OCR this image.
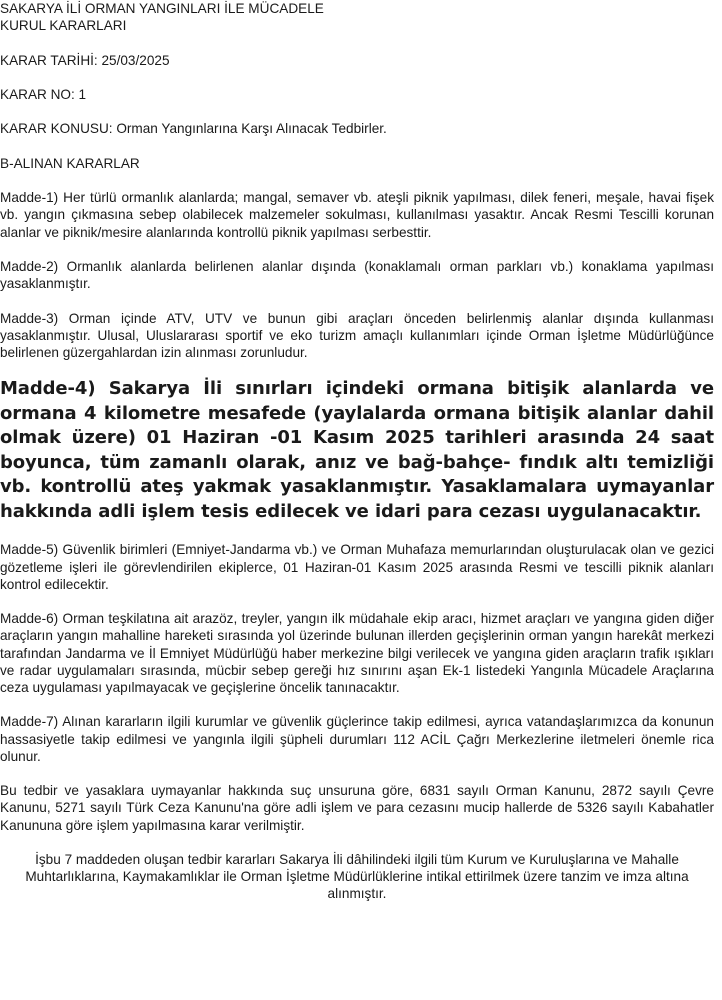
SAKARYA İLİ ORMAN YANGINLARI İLE MÜCADELE

KURUL KARARLARI

KARAR TARİHİ: 25/03/2025

KARAR NO: 1

KARAR KONUSU: Orman Yangınlarına Karşı Alınacak Tedbirler.

B-ALINAN KARARLAR

Madde-1) Her türlü ormanlık alanlarda; mangal, semaver vb. ateşli piknik yapılması, dilek feneri, meşale, havai fişek vb. yangın çıkmasına sebep olabilecek malzemeler sokulması, kullanılması yasaktır. Ancak Resmi Tescilli korunan alanlar ve piknik/mesire alanlarında kontrollü piknik yapılması serbesttir.

Madde-2) Ormanlık alanlarda belirlenen alanlar dışında (konaklamalı orman parkları vb.) konaklama yapılması yasaklanmıştır.

Madde-3) Orman içinde ATV, UTV ve bunun gibi araçları önceden belirlenmiş alanlar dışında kullanması yasaklanmıştır. Ulusal, Uluslararası sportif ve eko turizm amaçlı kullanımları içinde Orman İşletme Müdürlüğünce belirlenen güzergahlardan izin alınması zorunludur.

Madde-4) Sakarya İli sınırları içindeki ormana bitişik alanlarda ve ormana 4 kilometre mesafede (yaylalarda ormana bitişik alanlar dahil olmak üzere) 01 Haziran -01 Kasım 2025 tarihleri arasında 24 saat boyunca, tüm zamanlı olarak, anız ve bağ-bahçe- fındık altı temizliği vb. kontrollü ateş yakmak yasaklanmıştır. Yasaklamalara uymayanlar hakkında adli işlem tesis edilecek ve idari para cezası uygulanacaktır.

Madde-5) Güvenlik birimleri (Emniyet-Jandarma vb.) ve Orman Muhafaza memurlarından oluşturulacak olan ve gezici gözetleme işleri ile görevlendirilen ekiplerce, 01 Haziran-01 Kasım 2025 arasında Resmi ve tescilli piknik alanları kontrol edilecektir.

Madde-6) Orman teşkilatına ait arazöz, treyler, yangın ilk müdahale ekip aracı, hizmet araçları ve yangına giden diğer araçların yangın mahalline hareketi sırasında yol üzerinde bulunan illerden geçişlerinin orman yangın harekât merkezi tarafından Jandarma ve İl Emniyet Müdürlüğü haber merkezine bilgi verilecek ve yangına giden araçların trafik ışıkları ve radar uygulamaları sırasında, mücbir sebep gereği hız sınırını aşan Ek-1 listedeki Yangınla Mücadele Araçlarına ceza uygulaması yapılmayacak ve geçişlerine öncelik tanınacaktır.

Madde-7) Alınan kararların ilgili kurumlar ve güvenlik güçlerince takip edilmesi, ayrıca vatandaşlarımızca da konunun hassasiyetle takip edilmesi ve yangınla ilgili şüpheli durumları 112 ACİL Çağrı Merkezlerine iletmeleri önemle rica olunur.

Bu tedbir ve yasaklara uymayanlar hakkında suç unsuruna göre, 6831 sayılı Orman Kanunu, 2872 sayılı Çevre Kanunu, 5271 sayılı Türk Ceza Kanunu'na göre adli işlem ve para cezasını mucip hallerde de 5326 sayılı Kabahatler Kanununa göre işlem yapılmasına karar verilmiştir.

İşbu 7 maddeden oluşan tedbir kararları Sakarya İli dâhilindeki ilgili tüm Kurum ve Kuruluşlarına ve Mahalle Muhtarlıklarına, Kaymakamlıklar ile Orman İşletme Müdürlüklerine intikal ettirilmek üzere tanzim ve imza altına alınmıştır.
